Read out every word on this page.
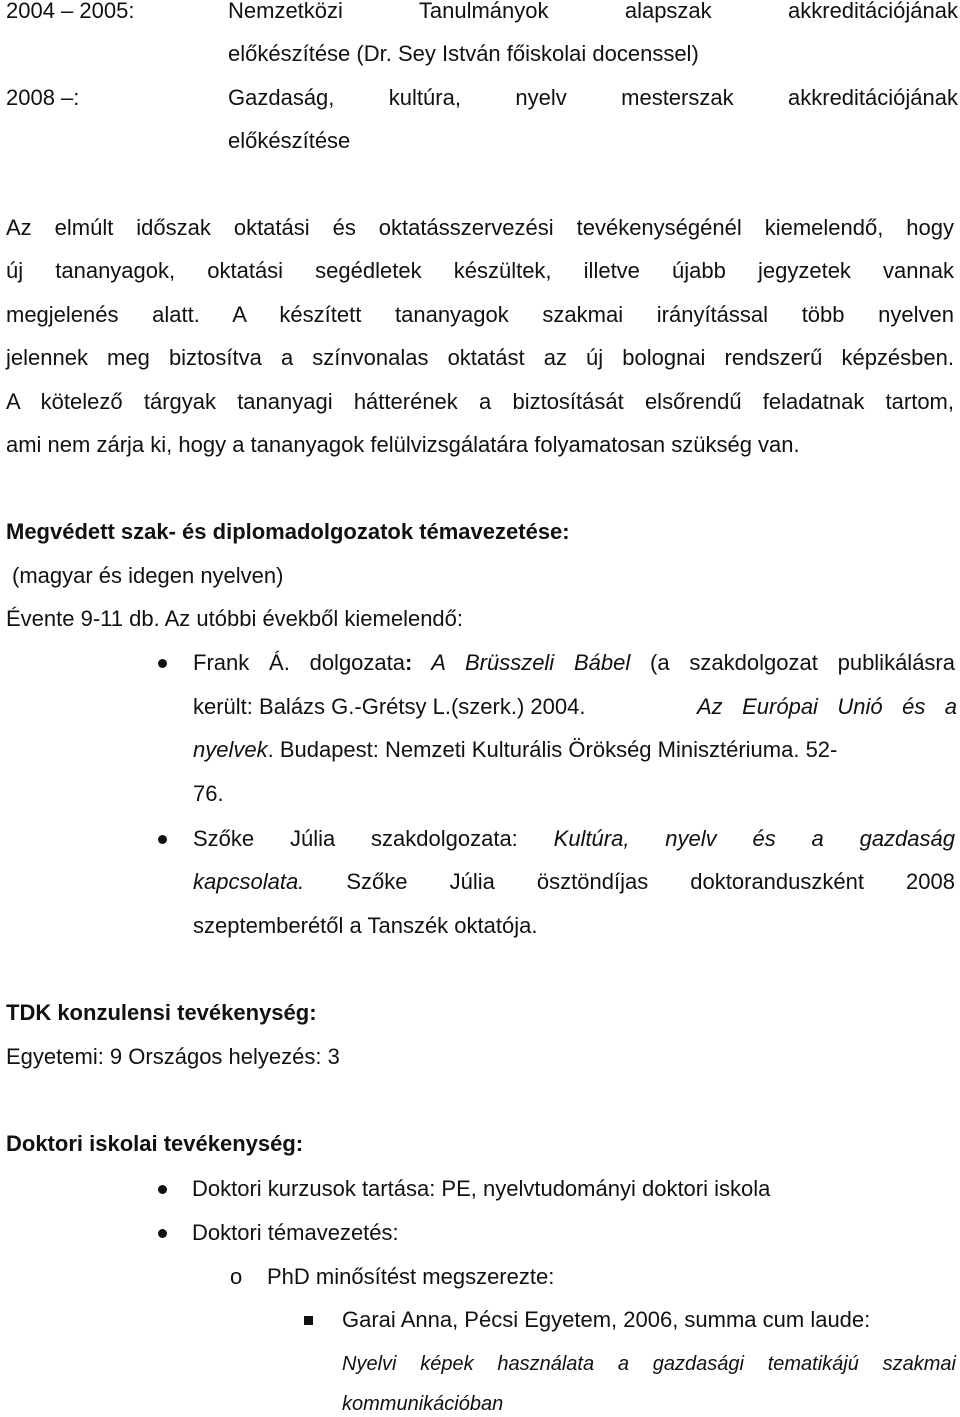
2004 – 2005:	Nemzetközi Tanulmányok alapszak akkreditációjának
előkészítése (Dr. Sey István főiskolai docenssel)
2008 –:	Gazdaság, kultúra, nyelv mesterszak akkreditációjának
előkészítése
Az elmúlt időszak oktatási és oktatásszervezési tevékenységénél kiemelendő, hogy
új tananyagok, oktatási segédletek készültek, illetve újabb jegyzetek vannak
megjelenés alatt. A készített tananyagok szakmai irányítással több nyelven
jelennek meg biztosítva a színvonalas oktatást az új bolognai rendszerű képzésben.
A kötelező tárgyak tananyagi hátterének a biztosítását elsőrendű feladatnak tartom,
ami nem zárja ki, hogy a tananyagok felülvizsgálatára folyamatosan szükség van.
Megvédett szak- és diplomadolgozatok témavezetése:
(magyar és idegen nyelven)
Évente 9-11 db. Az utóbbi évekből kiemelendő:
Frank Á. dolgozata: A Brüsszeli Bábel (a szakdolgozat publikálásra
került: Balázs G.-Grétsy L.(szerk.) 2004.	Az Európai Unió és a
nyelvek. Budapest: Nemzeti Kulturális Örökség Minisztériuma. 52-
76.
Szőke Júlia szakdolgozata: Kultúra, nyelv és a gazdaság
kapcsolata. Szőke Júlia ösztöndíjas doktoranduszként 2008
szeptemberétől a Tanszék oktatója.
TDK konzulensi tevékenység:
Egyetemi: 9 Országos helyezés: 3
Doktori iskolai tevékenység:
Doktori kurzusok tartása: PE, nyelvtudományi doktori iskola
Doktori témavezetés:
o PhD minősítést megszerezte:
Garai Anna, Pécsi Egyetem, 2006, summa cum laude:
Nyelvi képek használata a gazdasági tematikájú szakmai
kommunikációban
